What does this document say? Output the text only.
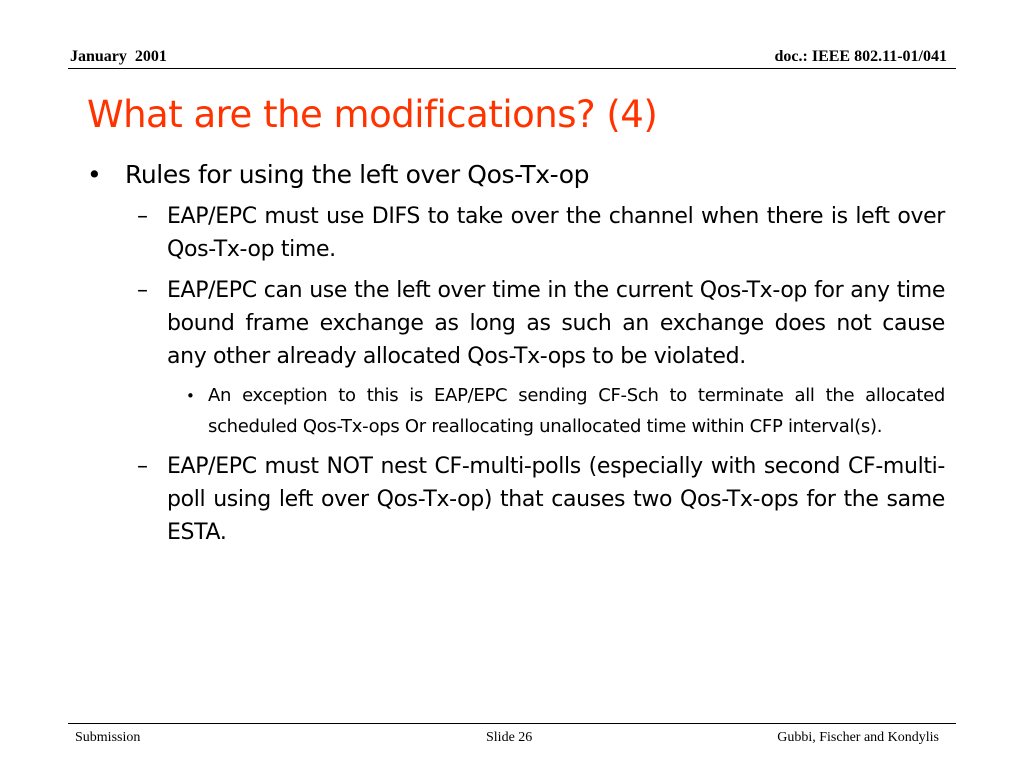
January  2001	doc.: IEEE 802.11-01/041
What are the modifications? (4)
• Rules for using the left over Qos-Tx-op
– EAP/EPC must use DIFS to take over the channel when there is left over Qos-Tx-op time.
– EAP/EPC can use the left over time in the current Qos-Tx-op for any time bound frame exchange as long as such an exchange does not cause any other already allocated Qos-Tx-ops to be violated.
• An exception to this is EAP/EPC sending CF-Sch to terminate all the allocated scheduled Qos-Tx-ops Or reallocating unallocated time within CFP interval(s).
– EAP/EPC must NOT nest CF-multi-polls (especially with second CF-multi-poll using left over Qos-Tx-op) that causes two Qos-Tx-ops for the same ESTA.
Submission	Slide 26	Gubbi, Fischer and Kondylis
